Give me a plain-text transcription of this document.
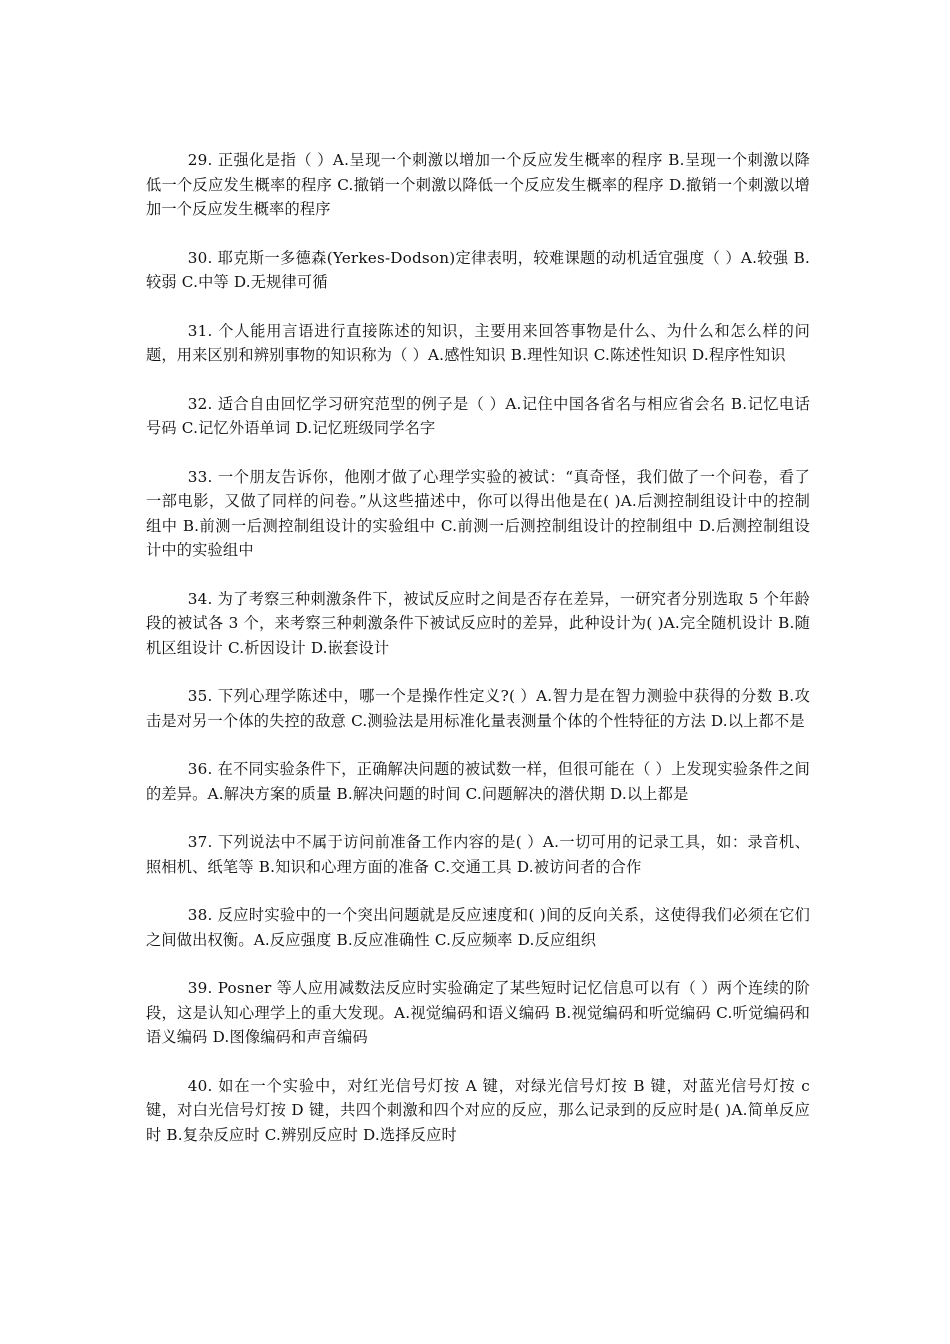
29. 正强化是指（ ）A.呈现一个刺激以增加一个反应发生概率的程序 B.呈现一个刺激以降低一个反应发生概率的程序 C.撤销一个刺激以降低一个反应发生概率的程序 D.撤销一个刺激以增加一个反应发生概率的程序

30. 耶克斯一多德森(Yerkes-Dodson)定律表明，较难课题的动机适宜强度（ ）A.较强 B.较弱 C.中等 D.无规律可循

31. 个人能用言语进行直接陈述的知识，主要用来回答事物是什么、为什么和怎么样的问题，用来区别和辨别事物的知识称为（ ）A.感性知识 B.理性知识 C.陈述性知识 D.程序性知识

32. 适合自由回忆学习研究范型的例子是（ ）A.记住中国各省名与相应省会名 B.记忆电话号码 C.记忆外语单词 D.记忆班级同学名字

33. 一个朋友告诉你，他刚才做了心理学实验的被试：“真奇怪，我们做了一个问卷，看了一部电影，又做了同样的问卷。”从这些描述中，你可以得出他是在( )A.后测控制组设计中的控制组中 B.前测一后测控制组设计的实验组中 C.前测一后测控制组设计的控制组中 D.后测控制组设计中的实验组中

34. 为了考察三种刺激条件下，被试反应时之间是否存在差异，一研究者分别选取 5 个年龄段的被试各 3 个，来考察三种刺激条件下被试反应时的差异，此种设计为( )A.完全随机设计 B.随机区组设计 C.析因设计 D.嵌套设计

35. 下列心理学陈述中，哪一个是操作性定义?( ）A.智力是在智力测验中获得的分数 B.攻击是对另一个体的失控的敌意 C.测验法是用标准化量表测量个体的个性特征的方法 D.以上都不是

36. 在不同实验条件下，正确解决问题的被试数一样，但很可能在（ ）上发现实验条件之间的差异。A.解决方案的质量 B.解决问题的时间 C.问题解决的潜伏期 D.以上都是

37. 下列说法中不属于访问前准备工作内容的是( ）A.一切可用的记录工具，如：录音机、照相机、纸笔等 B.知识和心理方面的准备 C.交通工具 D.被访问者的合作

38. 反应时实验中的一个突出问题就是反应速度和( )间的反向关系，这使得我们必须在它们之间做出权衡。A.反应强度 B.反应准确性 C.反应频率 D.反应组织

39. Posner 等人应用减数法反应时实验确定了某些短时记忆信息可以有（ ）两个连续的阶段，这是认知心理学上的重大发现。A.视觉编码和语义编码 B.视觉编码和听觉编码 C.听觉编码和语义编码 D.图像编码和声音编码

40. 如在一个实验中，对红光信号灯按 A 键，对绿光信号灯按 B 键，对蓝光信号灯按 c 键，对白光信号灯按 D 键，共四个刺激和四个对应的反应，那么记录到的反应时是( )A.简单反应时 B.复杂反应时 C.辨别反应时 D.选择反应时
